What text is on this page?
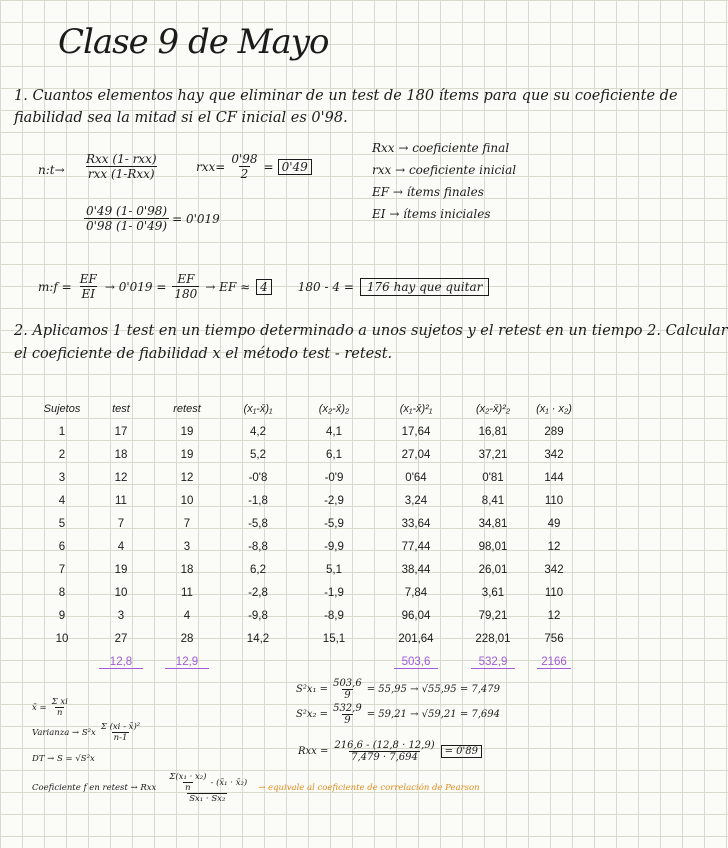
Clase 9 de Mayo
1. Cuantos elementos hay que eliminar de un test de 180 ítems para que su coeficiente de
fiabilidad sea la mitad si el CF inicial es 0'98.
n:t→ $\frac{\text{Rxx (1- rxx)}}{\text{rxx (1-Rxx)}}$	$rxx= \frac{0'98}{2} = 0'49$
$\frac{0'49 (1- 0'98)}{0'98 (1- 0'49)} = 0'019$
Rxx → coeficiente final
rxx → coeficiente inicial
EF → ítems finales
EI → ítems iniciales
m:f = $\frac{EF}{EI} \to 0'019 = \frac{EF}{180}$ → EF ≈ 4	180 - 4 =	176 hay que quitar
2. Aplicamos 1 test en un tiempo determinado a unos sujetos y el retest en un tiempo 2. Calcular
el coeficiente de fiabilidad x el método test - retest.
Sujetos	test	retest	(x₁-x̄)₁	(x₂-x̄)₂	(x₁-x̄)²₁	(x₂-x̄)²₂	(x₁ · x₂)
1	17	19	4,2	4,1	17,64	16,81	289
2	18	19	5,2	6,1	27,04	37,21	342
3	12	12	-0'8	-0'9	0'64	0'81	144
4	11	10	-1,8	-2,9	3,24	8,41	110
5	7	7	-5,8	-5,9	33,64	34,81	49
6	4	3	-8,8	-9,9	77,44	98,01	12
7	19	18	6,2	5,1	38,44	26,01	342
8	10	11	-2,8	-1,9	7,84	3,61	110
9	3	4	-9,8	-8,9	96,04	79,21	12
10	27	28	14,2	15,1	201,64	228,01	756
	12,8	12,9			503,6	532,9	2166
$S^2x_1 = \frac{503,6}{9} = 55,95 \to √55,95 = 7,479$
$S^2x_2 = \frac{532,9}{9} = 59,21 \to √59,21 = 7,694$
Rxx = $\frac{216,6 - (12,8 \cdot 12,9)}{7,479 \cdot 7,694} = 0'89$
x̄ = $\frac{\text{Σ xi}}{n}$
Varianza → $S^2x \frac{\text{Σ (xi - x̄)²}}{n-1}$
DT → S = √S²x
Coeficiente f en retest → Rxx $\frac{\frac{\text{Σ(x₁ · x₂)}}{n} - (x̄_1 \cdot x̄_2)}{\text{Sx₁ · Sx₂}}$ → equivale al coeficiente de correlación de Pearson
